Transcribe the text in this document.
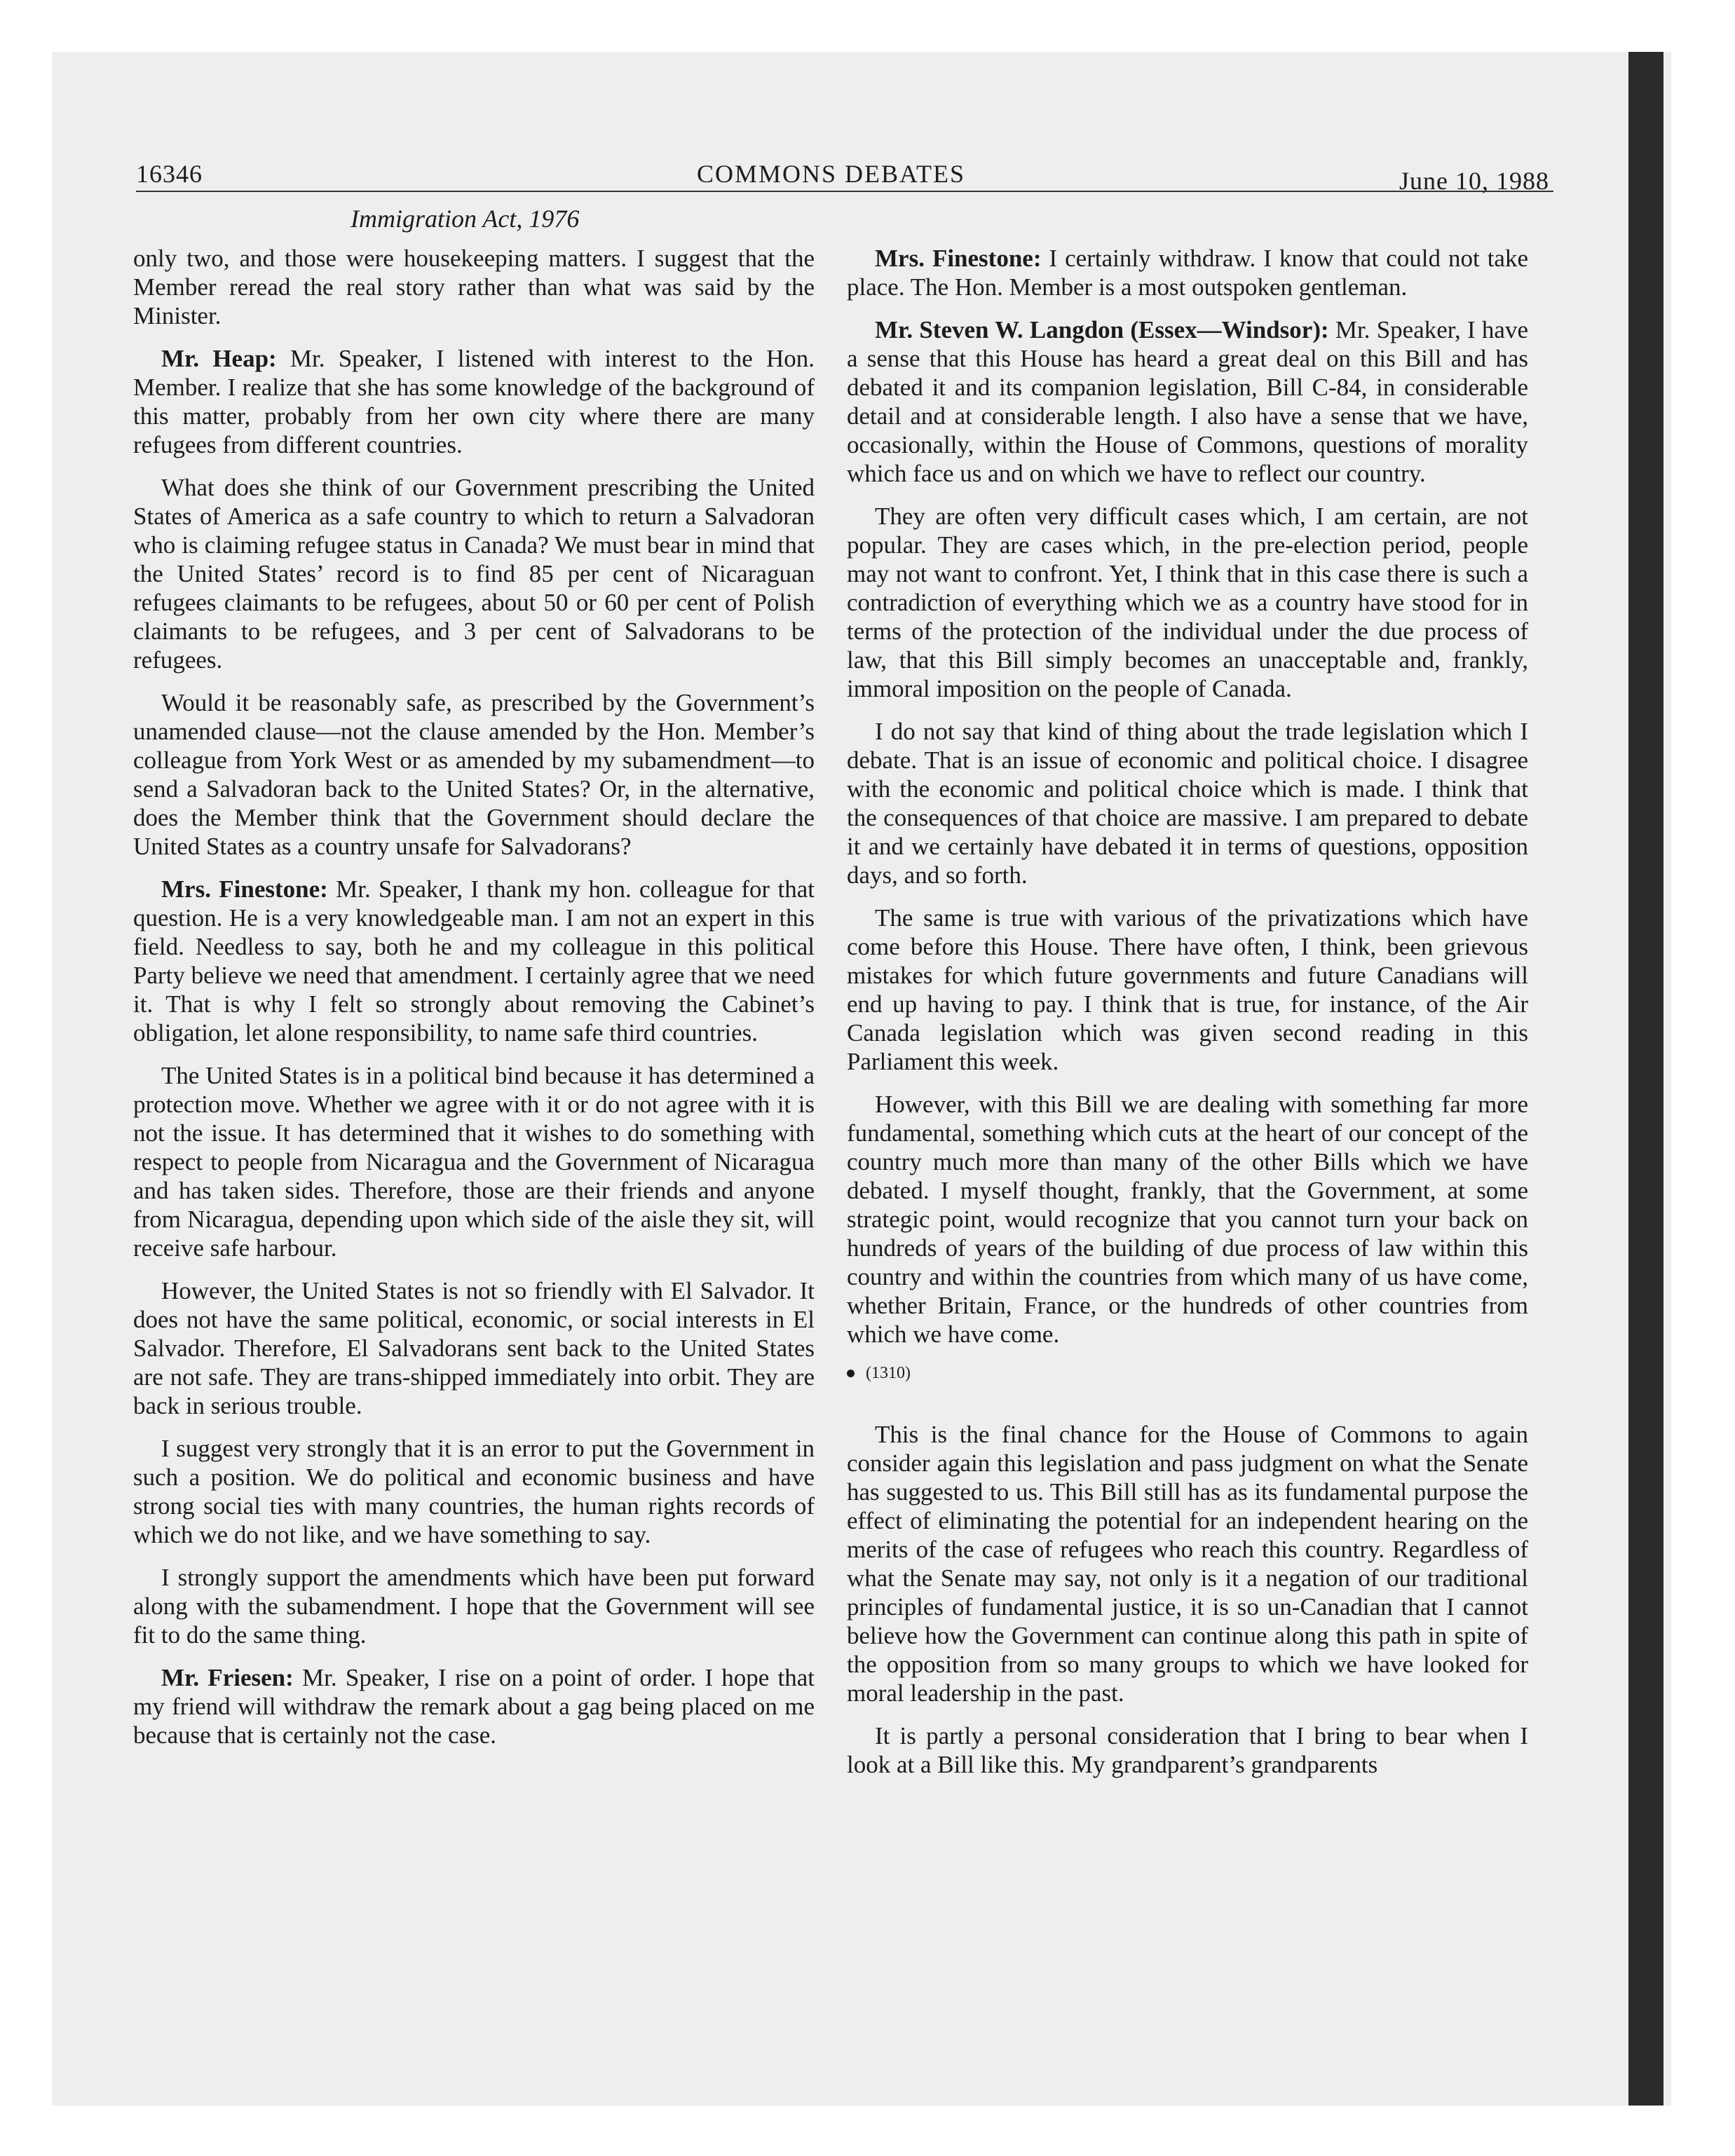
16346	COMMONS DEBATES	June 10, 1988
Immigration Act, 1976

only two, and those were housekeeping matters. I suggest that the Member reread the real story rather than what was said by the Minister.

Mr. Heap: Mr. Speaker, I listened with interest to the Hon. Member. I realize that she has some knowledge of the background of this matter, probably from her own city where there are many refugees from different countries.

What does she think of our Government prescribing the United States of America as a safe country to which to return a Salvadoran who is claiming refugee status in Canada? We must bear in mind that the United States’ record is to find 85 per cent of Nicaraguan refugees claimants to be refugees, about 50 or 60 per cent of Polish claimants to be refugees, and 3 per cent of Salvadorans to be refugees.

Would it be reasonably safe, as prescribed by the Government’s unamended clause—not the clause amended by the Hon. Member’s colleague from York West or as amended by my subamendment—to send a Salvadoran back to the United States? Or, in the alternative, does the Member think that the Government should declare the United States as a country unsafe for Salvadorans?

Mrs. Finestone: Mr. Speaker, I thank my hon. colleague for that question. He is a very knowledgeable man. I am not an expert in this field. Needless to say, both he and my colleague in this political Party believe we need that amendment. I certainly agree that we need it. That is why I felt so strongly about removing the Cabinet’s obligation, let alone responsibility, to name safe third countries.

The United States is in a political bind because it has determined a protection move. Whether we agree with it or do not agree with it is not the issue. It has determined that it wishes to do something with respect to people from Nicaragua and the Government of Nicaragua and has taken sides. Therefore, those are their friends and anyone from Nicaragua, depending upon which side of the aisle they sit, will receive safe harbour.

However, the United States is not so friendly with El Salvador. It does not have the same political, economic, or social interests in El Salvador. Therefore, El Salvadorans sent back to the United States are not safe. They are trans-shipped immediately into orbit. They are back in serious trouble.

I suggest very strongly that it is an error to put the Government in such a position. We do political and economic business and have strong social ties with many countries, the human rights records of which we do not like, and we have something to say.

I strongly support the amendments which have been put forward along with the subamendment. I hope that the Government will see fit to do the same thing.

Mr. Friesen: Mr. Speaker, I rise on a point of order. I hope that my friend will withdraw the remark about a gag being placed on me because that is certainly not the case.

Mrs. Finestone: I certainly withdraw. I know that could not take place. The Hon. Member is a most outspoken gentleman.

Mr. Steven W. Langdon (Essex—Windsor): Mr. Speaker, I have a sense that this House has heard a great deal on this Bill and has debated it and its companion legislation, Bill C-84, in considerable detail and at considerable length. I also have a sense that we have, occasionally, within the House of Commons, questions of morality which face us and on which we have to reflect our country.

They are often very difficult cases which, I am certain, are not popular. They are cases which, in the pre-election period, people may not want to confront. Yet, I think that in this case there is such a contradiction of everything which we as a country have stood for in terms of the protection of the individual under the due process of law, that this Bill simply becomes an unacceptable and, frankly, immoral imposition on the people of Canada.

I do not say that kind of thing about the trade legislation which I debate. That is an issue of economic and political choice. I disagree with the economic and political choice which is made. I think that the consequences of that choice are massive. I am prepared to debate it and we certainly have debated it in terms of questions, opposition days, and so forth.

The same is true with various of the privatizations which have come before this House. There have often, I think, been grievous mistakes for which future governments and future Canadians will end up having to pay. I think that is true, for instance, of the Air Canada legislation which was given second reading in this Parliament this week.

However, with this Bill we are dealing with something far more fundamental, something which cuts at the heart of our concept of the country much more than many of the other Bills which we have debated. I myself thought, frankly, that the Government, at some strategic point, would recognize that you cannot turn your back on hundreds of years of the building of due process of law within this country and within the countries from which many of us have come, whether Britain, France, or the hundreds of other countries from which we have come.

(1310)

This is the final chance for the House of Commons to again consider again this legislation and pass judgment on what the Senate has suggested to us. This Bill still has as its fundamental purpose the effect of eliminating the potential for an independent hearing on the merits of the case of refugees who reach this country. Regardless of what the Senate may say, not only is it a negation of our traditional principles of fundamental justice, it is so un-Canadian that I cannot believe how the Government can continue along this path in spite of the opposition from so many groups to which we have looked for moral leadership in the past.

It is partly a personal consideration that I bring to bear when I look at a Bill like this. My grandparent’s grandparents
